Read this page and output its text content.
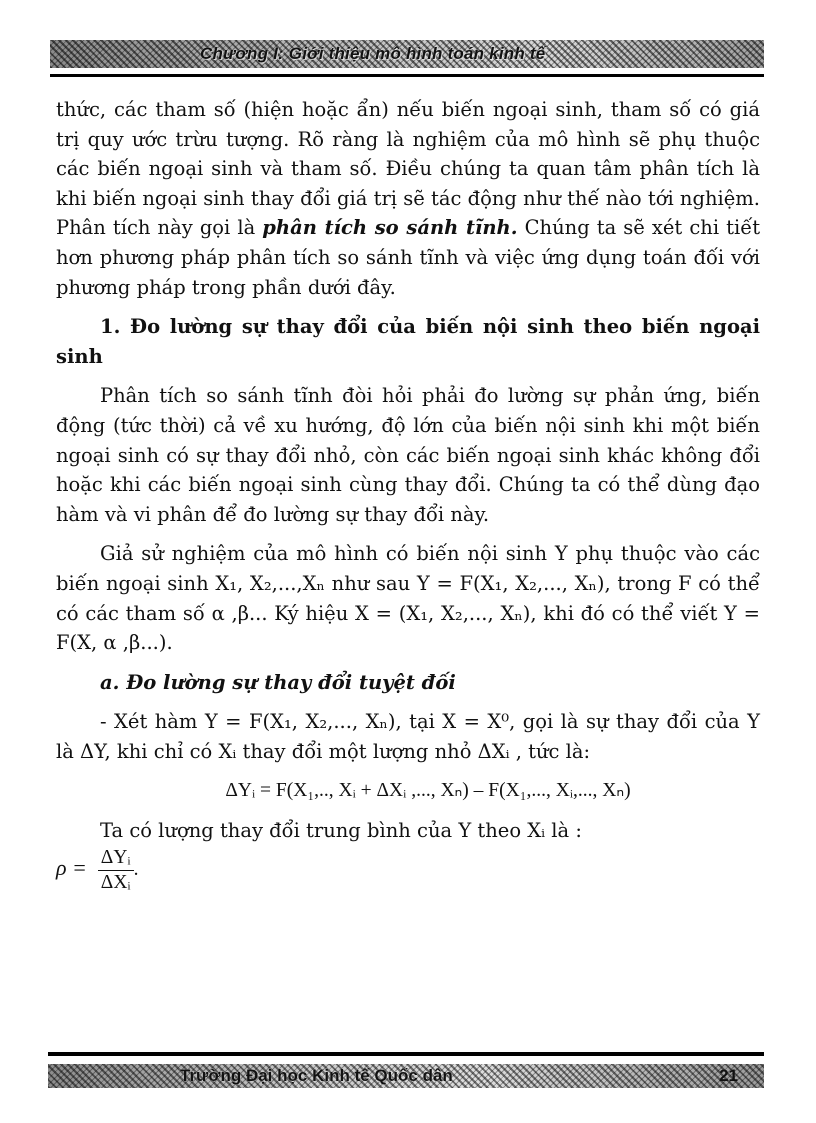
Chương I: Giới thiệu mô hình toán kinh tế

thức, các tham số (hiện hoặc ẩn) nếu biến ngoại sinh, tham số có giá trị quy ước trừu tượng. Rõ ràng là nghiệm của mô hình sẽ phụ thuộc các biến ngoại sinh và tham số. Điều chúng ta quan tâm phân tích là khi biến ngoại sinh thay đổi giá trị sẽ tác động như thế nào tới nghiệm. Phân tích này gọi là phân tích so sánh tĩnh. Chúng ta sẽ xét chi tiết hơn phương pháp phân tích so sánh tĩnh và việc ứng dụng toán đối với phương pháp trong phần dưới đây.

1. Đo lường sự thay đổi của biến nội sinh theo biến ngoại sinh

Phân tích so sánh tĩnh đòi hỏi phải đo lường sự phản ứng, biến động (tức thời) cả về xu hướng, độ lớn của biến nội sinh khi một biến ngoại sinh có sự thay đổi nhỏ, còn các biến ngoại sinh khác không đổi hoặc khi các biến ngoại sinh cùng thay đổi. Chúng ta có thể dùng đạo hàm và vi phân để đo lường sự thay đổi này.

Giả sử nghiệm của mô hình có biến nội sinh Y phụ thuộc vào các biến ngoại sinh X₁, X₂,...,Xₙ như sau Y = F(X₁, X₂,..., Xₙ), trong F có thể có các tham số α ,β... Ký hiệu X = (X₁, X₂,..., Xₙ), khi đó có thể viết Y = F(X, α ,β...).

a. Đo lường sự thay đổi tuyệt đối

- Xét hàm Y = F(X₁, X₂,..., Xₙ), tại X = X⁰, gọi là sự thay đổi của Y là ΔY, khi chỉ có Xᵢ thay đổi một lượng nhỏ ΔXᵢ , tức là:

ΔYᵢ = F(X₁,.., Xᵢ + ΔXᵢ ,..., Xₙ) – F(X₁,..., Xᵢ,..., Xₙ)

Ta có lượng thay đổi trung bình của Y theo Xᵢ là :

$\rho = \frac{\text{ΔYᵢ}}{\text{ΔXᵢ}}$ .

Trường Đại học Kinh tế Quốc dân	21
